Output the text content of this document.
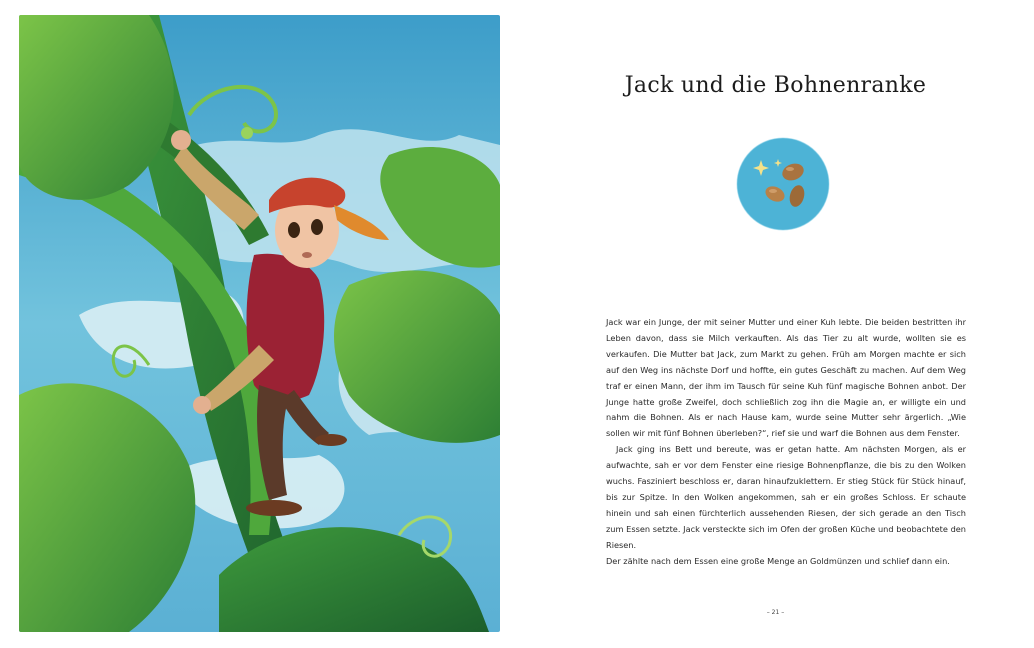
Jack und die Bohnenranke

Jack war ein Junge, der mit seiner Mutter und einer Kuh lebte. Die beiden bestritten ihr Leben davon, dass sie Milch verkauften. Als das Tier zu alt wurde, wollten sie es verkaufen. Die Mutter bat Jack, zum Markt zu gehen. Früh am Morgen machte er sich auf den Weg ins nächste Dorf und hoffte, ein gutes Geschäft zu machen. Auf dem Weg traf er einen Mann, der ihm im Tausch für seine Kuh fünf magische Bohnen anbot. Der Junge hatte große Zweifel, doch schließlich zog ihn die Magie an, er willigte ein und nahm die Bohnen. Als er nach Hause kam, wurde seine Mutter sehr ärgerlich. „Wie sollen wir mit fünf Bohnen überleben?“, rief sie und warf die Bohnen aus dem Fenster.

Jack ging ins Bett und bereute, was er getan hatte. Am nächsten Morgen, als er aufwachte, sah er vor dem Fenster eine riesige Bohnenpflanze, die bis zu den Wolken wuchs. Fasziniert beschloss er, daran hinaufzuklettern. Er stieg Stück für Stück hinauf, bis zur Spitze. In den Wolken angekommen, sah er ein großes Schloss. Er schaute hinein und sah einen fürchterlich aussehenden Riesen, der sich gerade an den Tisch zum Essen setzte. Jack versteckte sich im Ofen der großen Küche und beobachtete den Riesen.

Der zählte nach dem Essen eine große Menge an Goldmünzen und schlief dann ein.

– 21 –
